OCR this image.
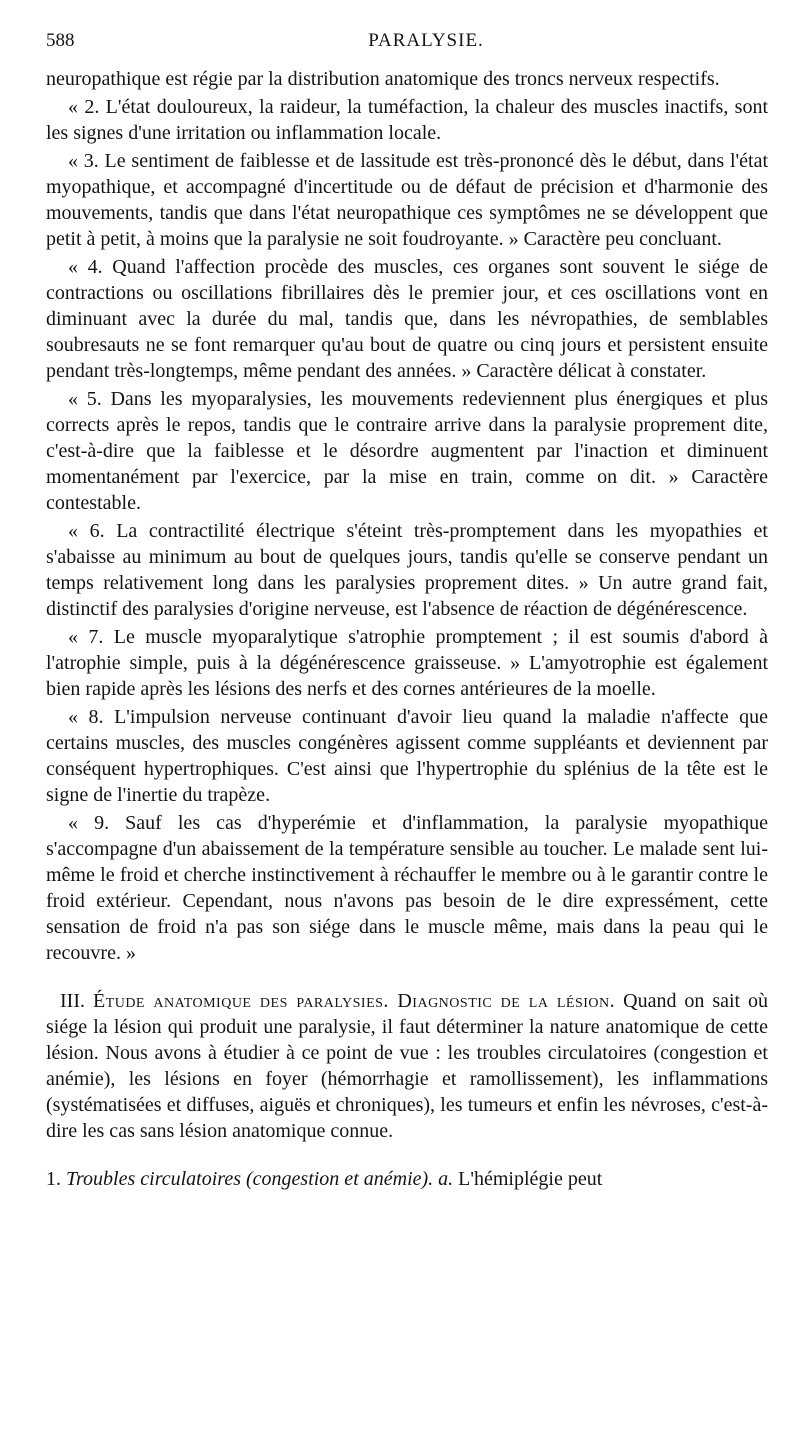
588	PARALYSIE.

neuropathique est régie par la distribution anatomique des troncs nerveux respectifs.

« 2. L'état douloureux, la raideur, la tuméfaction, la chaleur des muscles inactifs, sont les signes d'une irritation ou inflammation locale.

« 3. Le sentiment de faiblesse et de lassitude est très-prononcé dès le début, dans l'état myopathique, et accompagné d'incertitude ou de défaut de précision et d'harmonie des mouvements, tandis que dans l'état neuropathique ces symptômes ne se développent que petit à petit, à moins que la paralysie ne soit foudroyante. » Caractère peu concluant.

« 4. Quand l'affection procède des muscles, ces organes sont souvent le siége de contractions ou oscillations fibrillaires dès le premier jour, et ces oscillations vont en diminuant avec la durée du mal, tandis que, dans les névropathies, de semblables soubresauts ne se font remarquer qu'au bout de quatre ou cinq jours et persistent ensuite pendant très-longtemps, même pendant des années. » Caractère délicat à constater.

« 5. Dans les myoparalysies, les mouvements redeviennent plus énergiques et plus corrects après le repos, tandis que le contraire arrive dans la paralysie proprement dite, c'est-à-dire que la faiblesse et le désordre augmentent par l'inaction et diminuent momentanément par l'exercice, par la mise en train, comme on dit. » Caractère contestable.

« 6. La contractilité électrique s'éteint très-promptement dans les myopathies et s'abaisse au minimum au bout de quelques jours, tandis qu'elle se conserve pendant un temps relativement long dans les paralysies proprement dites. » Un autre grand fait, distinctif des paralysies d'origine nerveuse, est l'absence de réaction de dégénérescence.

« 7. Le muscle myoparalytique s'atrophie promptement ; il est soumis d'abord à l'atrophie simple, puis à la dégénérescence graisseuse. » L'amyotrophie est également bien rapide après les lésions des nerfs et des cornes antérieures de la moelle.

« 8. L'impulsion nerveuse continuant d'avoir lieu quand la maladie n'affecte que certains muscles, des muscles congénères agissent comme suppléants et deviennent par conséquent hypertrophiques. C'est ainsi que l'hypertrophie du splénius de la tête est le signe de l'inertie du trapèze.

« 9. Sauf les cas d'hyperémie et d'inflammation, la paralysie myopathique s'accompagne d'un abaissement de la température sensible au toucher. Le malade sent lui-même le froid et cherche instinctivement à réchauffer le membre ou à le garantir contre le froid extérieur. Cependant, nous n'avons pas besoin de le dire expressément, cette sensation de froid n'a pas son siége dans le muscle même, mais dans la peau qui le recouvre. »

III. Étude anatomique des paralysies. Diagnostic de la lésion. Quand on sait où siége la lésion qui produit une paralysie, il faut déterminer la nature anatomique de cette lésion. Nous avons à étudier à ce point de vue : les troubles circulatoires (congestion et anémie), les lésions en foyer (hémorrhagie et ramollissement), les inflammations (systématisées et diffuses, aiguës et chroniques), les tumeurs et enfin les névroses, c'est-à-dire les cas sans lésion anatomique connue.

1. Troubles circulatoires (congestion et anémie). a. L'hémiplégie peut
